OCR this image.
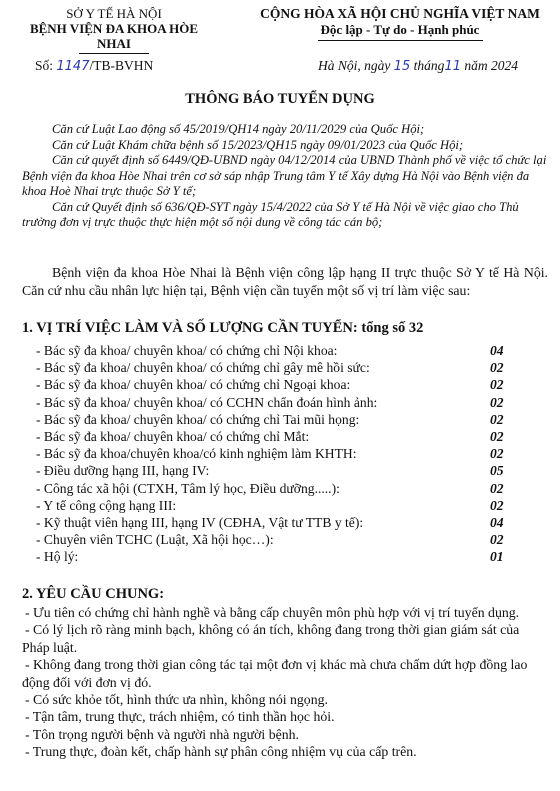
SỞ Y TẾ HÀ NỘI
BỆNH VIỆN ĐA KHOA HÒE NHAI
CỘNG HÒA XÃ HỘI CHỦ NGHĨA VIỆT NAM
Độc lập - Tự do - Hạnh phúc
Số: 1147/TB-BVHN	Hà Nội, ngày 15 tháng11 năm 2024
THÔNG BÁO TUYỂN DỤNG

Căn cứ Luật Lao động số 45/2019/QH14 ngày 20/11/2029 của Quốc Hội;

Căn cứ Luật Khám chữa bệnh số 15/2023/QH15 ngày 09/01/2023 của Quốc Hội;

Căn cứ quyết định số 6449/QĐ-UBND ngày 04/12/2014 của UBND Thành phố về việc tổ chức lại Bệnh viện đa khoa Hòe Nhai trên cơ sở sáp nhập Trung tâm Y tế Xây dựng Hà Nội vào Bệnh viện đa khoa Hoè Nhai trực thuộc Sở Y tế;

Căn cứ Quyết định số 636/QĐ-SYT ngày 15/4/2022 của Sở Y tế Hà Nội về việc giao cho Thủ trưởng đơn vị trực thuộc thực hiện một số nội dung về công tác cán bộ;

Bệnh viện đa khoa Hòe Nhai là Bệnh viện công lập hạng II trực thuộc Sở Y tế Hà Nội. Căn cứ nhu cầu nhân lực hiện tại, Bệnh viện cần tuyển một số vị trí làm việc sau:

1. VỊ TRÍ VIỆC LÀM VÀ SỐ LƯỢNG CẦN TUYỂN: tổng số 32
- Bác sỹ đa khoa/ chuyên khoa/ có chứng chỉ Nội khoa:	04
- Bác sỹ đa khoa/ chuyên khoa/ có chứng chỉ gây mê hồi sức:	02
- Bác sỹ đa khoa/ chuyên khoa/ có chứng chỉ Ngoại khoa:	02
- Bác sỹ đa khoa/ chuyên khoa/ có CCHN chẩn đoán hình ảnh:	02
- Bác sỹ đa khoa/ chuyên khoa/ có chứng chỉ Tai mũi họng:	02
- Bác sỹ đa khoa/ chuyên khoa/ có chứng chỉ Mắt:	02
- Bác sỹ đa khoa/chuyên khoa/có kinh nghiệm làm KHTH:	02
- Điều dưỡng hạng III, hạng IV:	05
- Công tác xã hội (CTXH, Tâm lý học, Điều dưỡng.....):	02
- Y tế công cộng hạng III:	02
- Kỹ thuật viên hạng III, hạng IV (CĐHA, Vật tư TTB y tế):	04
- Chuyên viên TCHC (Luật, Xã hội học…):	02
- Hộ lý:	01
2. YÊU CẦU CHUNG:
- Ưu tiên có chứng chỉ hành nghề và bằng cấp chuyên môn phù hợp với vị trí tuyển dụng.
- Có lý lịch rõ ràng minh bạch, không có án tích, không đang trong thời gian giám sát của Pháp luật.
- Không đang trong thời gian công tác tại một đơn vị khác mà chưa chấm dứt hợp đồng lao động đối với đơn vị đó.
- Có sức khỏe tốt, hình thức ưa nhìn, không nói ngọng.
- Tận tâm, trung thực, trách nhiệm, có tinh thần học hỏi.
- Tôn trọng người bệnh và người nhà người bệnh.
- Trung thực, đoàn kết, chấp hành sự phân công nhiệm vụ của cấp trên.
